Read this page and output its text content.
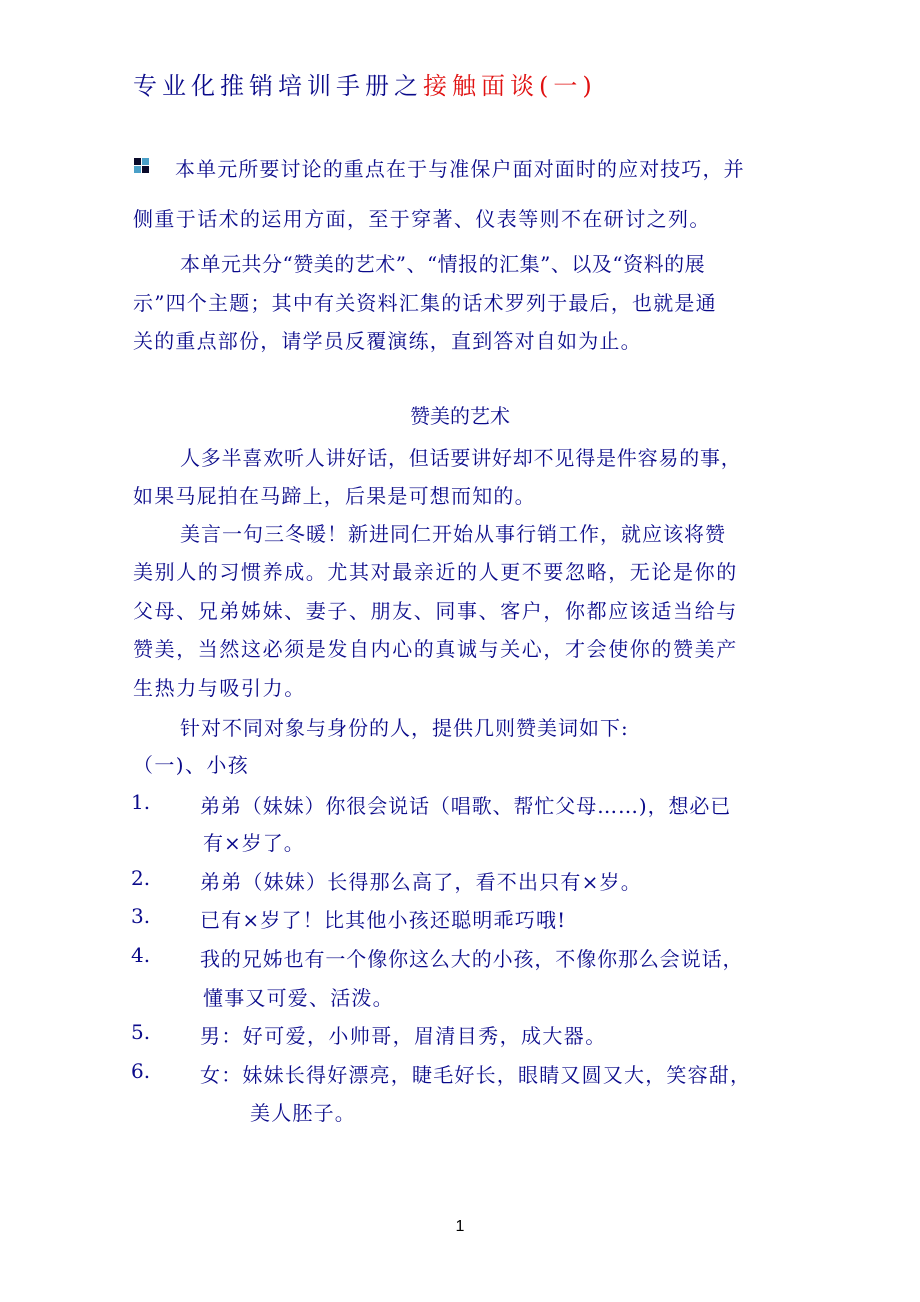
专业化推销培训手册之接触面谈(一)
本单元所要讨论的重点在于与准保户面对面时的应对技巧，并
侧重于话术的运用方面，至于穿著、仪表等则不在研讨之列。
本单元共分“赞美的艺术”、“情报的汇集”、以及“资料的展
示”四个主题；其中有关资料汇集的话术罗列于最后，也就是通
关的重点部份，请学员反覆演练，直到答对自如为止。
赞美的艺术
人多半喜欢听人讲好话，但话要讲好却不见得是件容易的事，
如果马屁拍在马蹄上，后果是可想而知的。
美言一句三冬暖！新进同仁开始从事行销工作，就应该将赞
美别人的习惯养成。尤其对最亲近的人更不要忽略，无论是你的
父母、兄弟姊妹、妻子、朋友、同事、客户，你都应该适当给与
赞美，当然这必须是发自内心的真诚与关心，才会使你的赞美产
生热力与吸引力。
针对不同对象与身份的人，提供几则赞美词如下:
（一)、小孩
1. 弟弟（妹妹）你很会说话（唱歌、帮忙父母……)，想必已
有×岁了。
2. 弟弟（妹妹）长得那么高了，看不出只有×岁。
3. 已有×岁了！比其他小孩还聪明乖巧哦!
4. 我的兄姊也有一个像你这么大的小孩，不像你那么会说话，
懂事又可爱、活泼。
5. 男：好可爱，小帅哥，眉清目秀，成大器。
6. 女：妹妹长得好漂亮，睫毛好长，眼睛又圆又大，笑容甜，
美人胚子。
1
